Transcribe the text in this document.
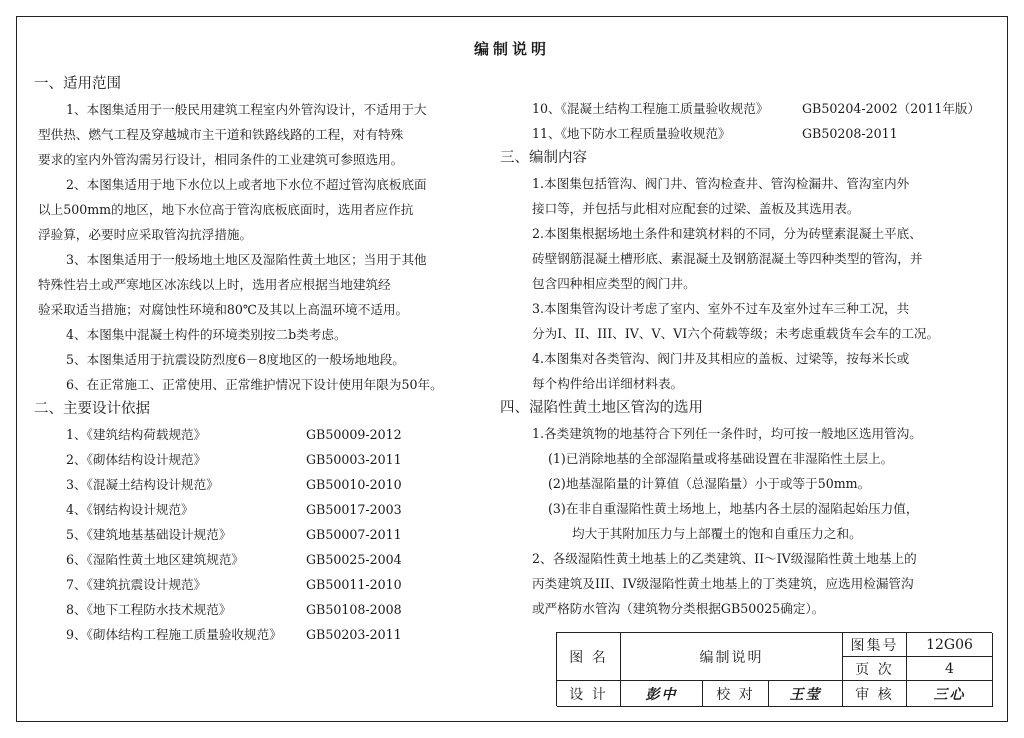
编制说明
一、适用范围
1、本图集适用于一般民用建筑工程室内外管沟设计，不适用于大
型供热、燃气工程及穿越城市主干道和铁路线路的工程，对有特殊
要求的室内外管沟需另行设计，相同条件的工业建筑可参照选用。
2、本图集适用于地下水位以上或者地下水位不超过管沟底板底面
以上500mm的地区，地下水位高于管沟底板底面时，选用者应作抗
浮验算，必要时应采取管沟抗浮措施。
3、本图集适用于一般场地土地区及湿陷性黄土地区；当用于其他
特殊性岩土或严寒地区冰冻线以上时，选用者应根据当地建筑经
验采取适当措施；对腐蚀性环境和80℃及其以上高温环境不适用。
4、本图集中混凝土构件的环境类别按二b类考虑。
5、本图集适用于抗震设防烈度6－8度地区的一般场地地段。
6、在正常施工、正常使用、正常维护情况下设计使用年限为50年。
二、主要设计依据
1、《建筑结构荷载规范》	GB50009-2012
2、《砌体结构设计规范》	GB50003-2011
3、《混凝土结构设计规范》	GB50010-2010
4、《钢结构设计规范》	GB50017-2003
5、《建筑地基基础设计规范》	GB50007-2011
6、《湿陷性黄土地区建筑规范》	GB50025-2004
7、《建筑抗震设计规范》	GB50011-2010
8、《地下工程防水技术规范》	GB50108-2008
9、《砌体结构工程施工质量验收规范》 GB50203-2011
10、《混凝土结构工程施工质量验收规范》	GB50204-2002（2011年版）
11、《地下防水工程质量验收规范》	GB50208-2011
三、编制内容
1.本图集包括管沟、阀门井、管沟检查井、管沟检漏井、管沟室内外
接口等，并包括与此相对应配套的过梁、盖板及其选用表。
2.本图集根据场地土条件和建筑材料的不同，分为砖壁素混凝土平底、
砖壁钢筋混凝土槽形底、素混凝土及钢筋混凝土等四种类型的管沟，并
包含四种相应类型的阀门井。
3.本图集管沟设计考虑了室内、室外不过车及室外过车三种工况，共
分为I、II、III、IV、V、VI六个荷载等级；未考虑重载货车会车的工况。
4.本图集对各类管沟、阀门井及其相应的盖板、过梁等，按每米长或
每个构件给出详细材料表。
四、湿陷性黄土地区管沟的选用
1.各类建筑物的地基符合下列任一条件时，均可按一般地区选用管沟。
(1)已消除地基的全部湿陷量或将基础设置在非湿陷性土层上。
(2)地基湿陷量的计算值（总湿陷量）小于或等于50mm。
(3)在非自重湿陷性黄土场地上，地基内各土层的湿陷起始压力值，
均大于其附加压力与上部覆土的饱和自重压力之和。
2、各级湿陷性黄土地基上的乙类建筑、II～IV级湿陷性黄土地基上的
丙类建筑及III、IV级湿陷性黄土地基上的丁类建筑，应选用检漏管沟
或严格防水管沟（建筑物分类根据GB50025确定）。
图 名	编制说明
图集号	12G06
页 次	4
设 计	彭中	校 对	王莹	审 核	三心
